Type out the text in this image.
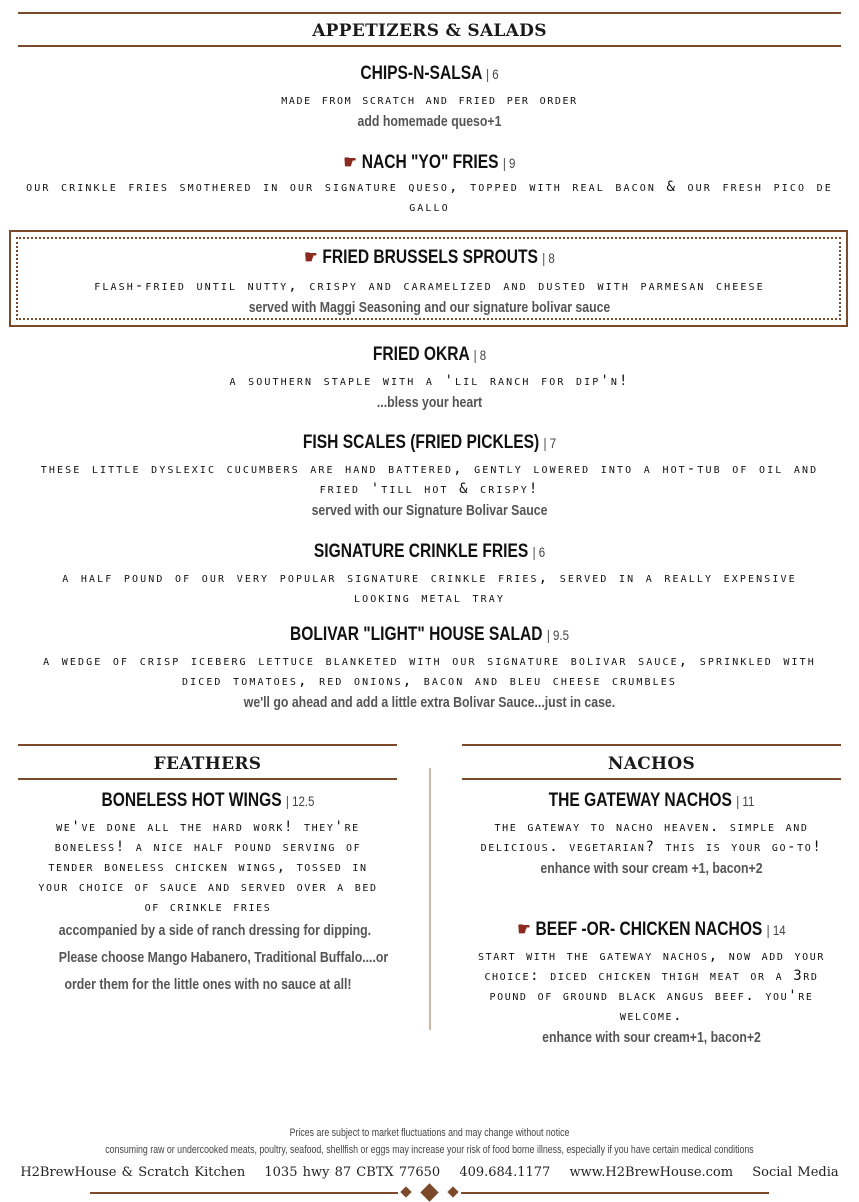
APPETIZERS & SALADS
CHIPS-N-SALSA | 6
made from scratch and fried per order
add homemade queso+1
☛ NACH "YO" FRIES | 9
our crinkle fries smothered in our signature queso, topped with real bacon & our fresh pico de gallo
☛ FRIED BRUSSELS SPROUTS | 8
flash-fried until nutty, crispy and caramelized and dusted with parmesan cheese
served with Maggi Seasoning and our signature bolivar sauce
FRIED OKRA | 8
a southern staple with a 'lil ranch for dip'n!
...bless your heart
FISH SCALES (FRIED PICKLES) | 7
these little dyslexic cucumbers are hand battered, gently lowered into a hot-tub of oil and fried 'till hot & crispy!
served with our Signature Bolivar Sauce
SIGNATURE CRINKLE FRIES | 6
a half pound of our very popular signature crinkle fries, served in a really expensive looking metal tray
BOLIVAR "LIGHT" HOUSE SALAD | 9.5
a wedge of crisp iceberg lettuce blanketed with our signature bolivar sauce, sprinkled with diced tomatoes, red onions, bacon and bleu cheese crumbles
we'll go ahead and add a little extra Bolivar Sauce...just in case.
FEATHERS
BONELESS HOT WINGS | 12.5
we've done all the hard work! they're boneless! a nice half pound serving of tender boneless chicken wings, tossed in your choice of sauce and served over a bed of crinkle fries
accompanied by a side of ranch dressing for dipping.
Please choose Mango Habanero, Traditional Buffalo....or
order them for the little ones with no sauce at all!
NACHOS
THE GATEWAY NACHOS | 11
the gateway to nacho heaven. simple and delicious. vegetarian? this is your go-to!
enhance with sour cream +1, bacon+2
☛ BEEF -OR- CHICKEN NACHOS | 14
start with the gateway nachos, now add your choice: diced chicken thigh meat or a 3rd pound of ground black angus beef. you're welcome.
enhance with sour cream+1, bacon+2
Prices are subject to market fluctuations and may change without notice
consuming raw or undercooked meats, poultry, seafood, shellfish or eggs may increase your risk of food borne illness, especially if you have certain medical conditions
H2BrewHouse & Scratch Kitchen 1035 hwy 87 CBTX 77650 409.684.1177 www.H2BrewHouse.com Social Media
